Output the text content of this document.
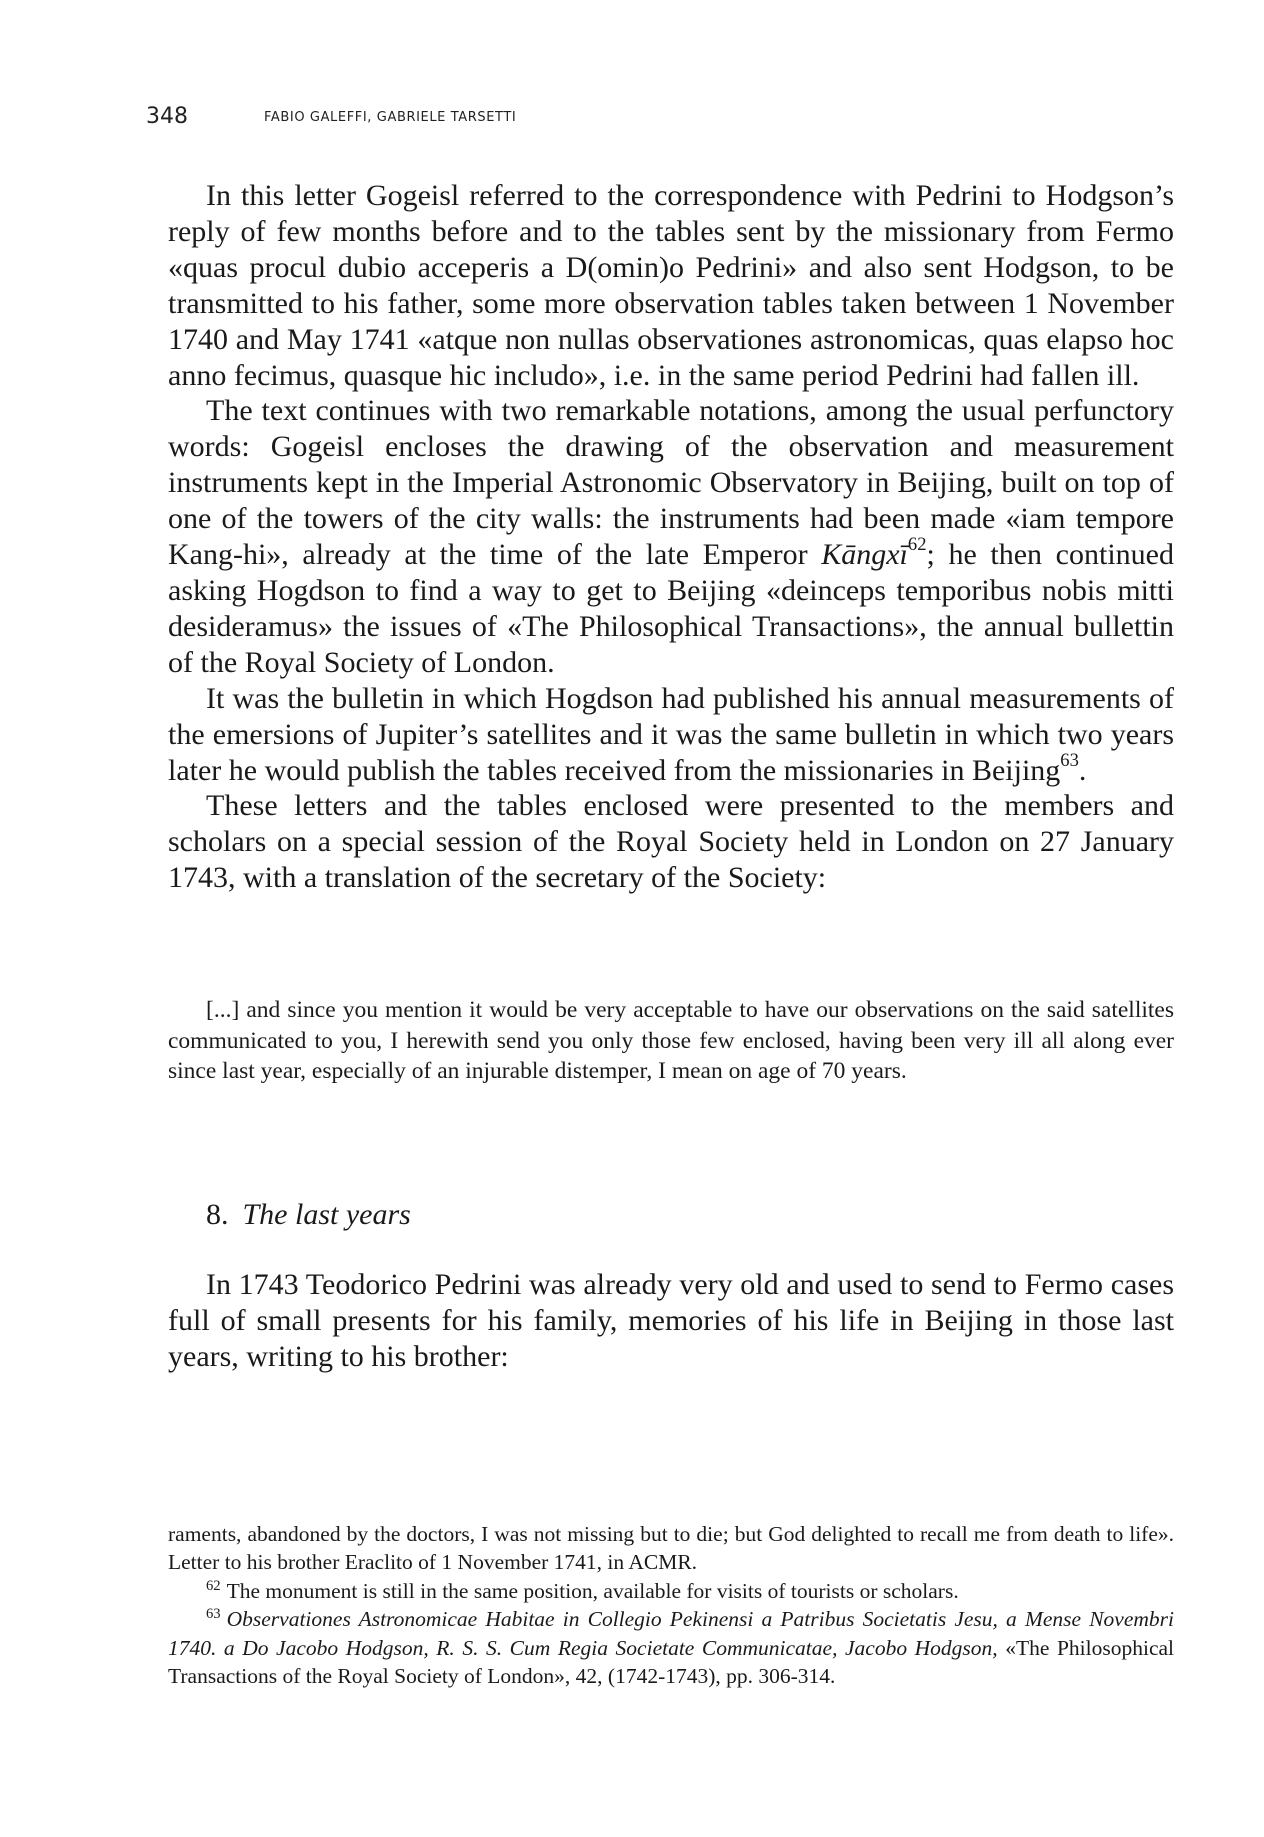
348	FABIO GALEFFI, GABRIELE TARSETTI

In this letter Gogeisl referred to the correspondence with Pedrini to Hodgson’s reply of few months before and to the tables sent by the missionary from Fermo «quas procul dubio acceperis a D(omin)o Pedrini» and also sent Hodgson, to be transmitted to his father, some more observation tables taken between 1 November 1740 and May 1741 «atque non nullas observationes astronomicas, quas elapso hoc anno fecimus, quasque hic includo», i.e. in the same period Pedrini had fallen ill.

The text continues with two remarkable notations, among the usual perfunctory words: Gogeisl encloses the drawing of the observation and measurement instruments kept in the Imperial Astronomic Observatory in Beijing, built on top of one of the towers of the city walls: the instruments had been made «iam tempore Kang-hi», already at the time of the late Emperor Kāngxī$^{62}$; he then continued asking Hogdson to find a way to get to Beijing «deinceps temporibus nobis mitti desideramus» the issues of «The Philosophical Transactions», the annual bullettin of the Royal Society of London.

It was the bulletin in which Hogdson had published his annual measurements of the emersions of Jupiter’s satellites and it was the same bulletin in which two years later he would publish the tables received from the missionaries in Beijing$^{63}$.

These letters and the tables enclosed were presented to the members and scholars on a special session of the Royal Society held in London on 27 January 1743, with a translation of the secretary of the Society:

[...] and since you mention it would be very acceptable to have our observations on the said satellites communicated to you, I herewith send you only those few enclosed, having been very ill all along ever since last year, especially of an injurable distemper, I mean on age of 70 years.

8. The last years

In 1743 Teodorico Pedrini was already very old and used to send to Fermo cases full of small presents for his family, memories of his life in Beijing in those last years, writing to his brother:

raments, abandoned by the doctors, I was not missing but to die; but God delighted to recall me from death to life». Letter to his brother Eraclito of 1 November 1741, in ACMR.

$^{62}$ The monument is still in the same position, available for visits of tourists or scholars.

$^{63}$ Observationes Astronomicae Habitae in Collegio Pekinensi a Patribus Societatis Jesu, a Mense Novembri 1740. a Do Jacobo Hodgson, R. S. S. Cum Regia Societate Communicatae, Jacobo Hodgson, «The Philosophical Transactions of the Royal Society of London», 42, (1742-1743), pp. 306-314.
